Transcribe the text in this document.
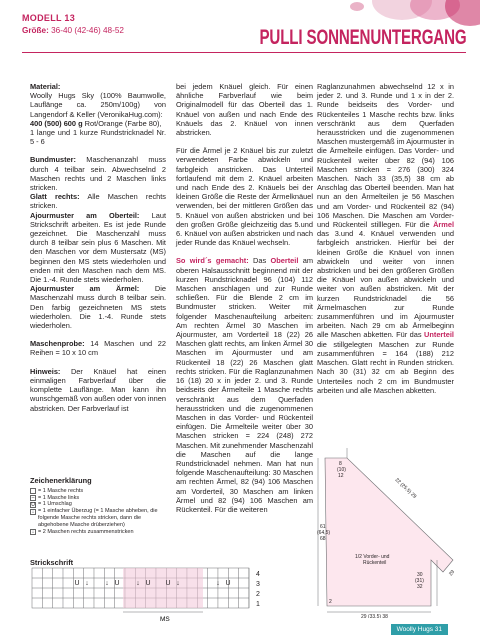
MODELL 13
Größe: 36-40 (42-46) 48-52	PULLI SONNENUNTERGANG

Material:
Woolly Hugs Sky (100% Baumwolle, Lauflänge ca. 250m/100g) von Langendorf & Keller (VeronikaHug.com):
400 (500) 600 g Rot/Orange (Farbe 80),
1 lange und 1 kurze Rundstricknadel Nr. 5 - 6

Bundmuster: Maschenanzahl muss durch 4 teilbar sein. Abwechselnd 2 Maschen rechts und 2 Maschen links stricken.
Glatt rechts: Alle Maschen rechts stricken.
Ajourmuster am Oberteil: Laut Strickschrift arbeiten. Es ist jede Runde gezeichnet. Die Maschenzahl muss durch 8 teilbar sein plus 6 Maschen. Mit den Maschen vor dem Mustersatz (MS) beginnen den MS stets wiederholen und enden mit den Maschen nach dem MS. Die 1.-4. Runde stets wiederholen.
Ajourmuster am Ärmel: Die Maschenzahl muss durch 8 teilbar sein. Den farbig gezeichneten MS stets wiederholen. Die 1.-4. Runde stets wiederholen.

Maschenprobe: 14 Maschen und 22 Reihen = 10 x 10 cm

Hinweis: Der Knäuel hat einen einmaligen Farbverlauf über die komplette Lauflänge. Man kann ihn wunschgemäß von außen oder von innen abstricken. Der Farbverlauf ist

Zeichenerklärung
= 1 Masche rechts
– = 1 Masche links
U = 1 Umschlag
↓ = 1 einfacher Überzug (= 1 Masche abheben, die folgende Masche rechts stricken, dann die abgehobene Masche drüberziehen)
↓ = 2 Maschen rechts zusammenstricken
Strickschrift
4
3
2
1
MS
U ↓ ↓ U ↓ U U ↓	↓ U

bei jedem Knäuel gleich. Für einen ähnliche Farbverlauf wie beim Originalmodell für das Oberteil das 1. Knäuel von außen und nach Ende des Knäuels das 2. Knäuel von innen abstricken.

Für die Ärmel je 2 Knäuel bis zur zuletzt verwendeten Farbe abwickeln und farbgleich anstricken. Das Unterteil fortlaufend mit dem 2. Knäuel arbeiten und nach Ende des 2. Knäuels bei der kleinen Größe die Reste der Ärmelknäuel verwenden, bei der mittleren Größen das 5. Knäuel von außen abstricken und bei den großen Größe gleichzeitig das 5.und 6. Knäuel von außen abstricken und nach jeder Runde das Knäuel wechseln.

So wird´s gemacht: Das Oberteil am oberen Halsausschnitt beginnend mit der kurzen Rundstricknadel 96 (104) 112 Maschen anschlagen und zur Runde schließen. Für die Blende 2 cm im Bundmuster stricken. Weiter mit folgender Maschenaufteilung arbeiten: Am rechten Ärmel 30 Maschen im Ajourmuster, am Vorderteil 18 (22) 26 Maschen glatt rechts, am linken Ärmel 30 Maschen im Ajourmuster und am Rückenteil 18 (22) 26 Maschen glatt rechts stricken. Für die Raglanzunahmen 16 (18) 20 x in jeder 2. und 3. Runde beidseits der Ärmelteile 1 Masche rechts verschränkt aus dem Querfaden herausstricken und die zugenommenen Maschen in das Vorder- und Rückenteil einfügen. Die Ärmelteile weiter über 30 Maschen stricken = 224 (248) 272 Maschen. Mit zunehmender Maschenzahl die Maschen auf die lange Rundstricknadel nehmen. Man hat nun folgende Maschenaufteilung: 30 Maschen am rechten Ärmel, 82 (94) 106 Maschen am Vorderteil, 30 Maschen am linken Ärmel und 82 (94) 106 Maschen am Rückenteil. Für die weiteren

Raglanzunahmen abwechselnd 12 x in jeder 2. und 3. Runde und 1 x in der 2. Runde beidseits des Vorder- und Rückenteiles 1 Masche rechts bzw. links verschränkt aus dem Querfaden herausstricken und die zugenommenen Maschen mustergemäß im Ajourmuster in die Ärmelteile einfügen. Das Vorder- und Rückenteil weiter über 82 (94) 106 Maschen stricken = 276 (300) 324 Maschen. Nach 33 (35,5) 38 cm ab Anschlag das Oberteil beenden. Man hat nun an den Ärmelteilen je 56 Maschen und am Vorder- und Rückenteil 82 (94) 106 Maschen. Die Maschen am Vorder- und Rückenteil stilllegen. Für die Ärmel das 3.und 4. Knäuel verwenden und farbgleich anstricken. Hierfür bei der kleinen Größe die Knäuel von innen abwickeln und weiter von innen abstricken und bei den größeren Größen die Knäuel von außen abwickeln und weiter von außen abstricken. Mit der kurzen Rundstricknadel die 56 Ärmelmaschen zur Runde zusammenführen und im Ajourmuster arbeiten. Nach 29 cm ab Ärmelbeginn alle Maschen abketten. Für das Unterteil die stillgelegten Maschen zur Runde zusammenführen = 164 (188) 212 Maschen. Glatt recht in Runden stricken. Nach 30 (31) 32 cm ab Beginn des Unterteiles noch 2 cm im Bundmuster arbeiten und alle Maschen abketten.

8
(10)
12
22 (25,5) 29
61
(64,5)
68
1/2 Vorder- und
Rückenteil
30
(31)
32
29
29 (33,5) 38
2
Woolly Hugs 31
